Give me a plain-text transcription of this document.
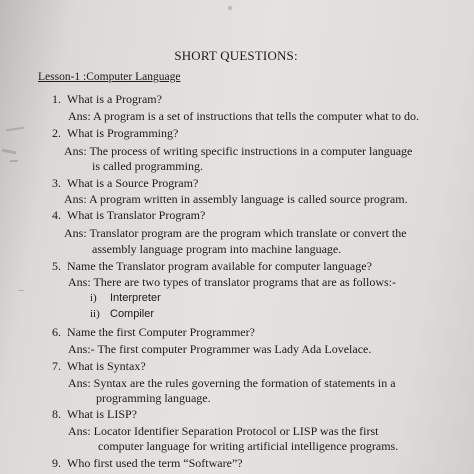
SHORT QUESTIONS:
Lesson-1 :Computer Language
1. What is a Program?
Ans: A program is a set of instructions that tells the computer what to do.
2. What is Programming?
Ans: The process of writing specific instructions in a computer language
is called programming.
3. What is a Source Program?
Ans: A program written in assembly language is called source program.
4. What is Translator Program?
Ans: Translator program are the program which translate or convert the
assembly language program into machine language.
5. Name the Translator program available for computer language?
Ans: There are two types of translator programs that are as follows:-
i) Interpreter
ii) Compiler
6. Name the first Computer Programmer?
Ans:- The first computer Programmer was Lady Ada Lovelace.
7. What is Syntax?
Ans: Syntax are the rules governing the formation of statements in a
programming language.
8. What is LISP?
Ans: Locator Identifier Separation Protocol or LISP was the first
computer language for writing artificial intelligence programs.
9. Who first used the term “Software”?
